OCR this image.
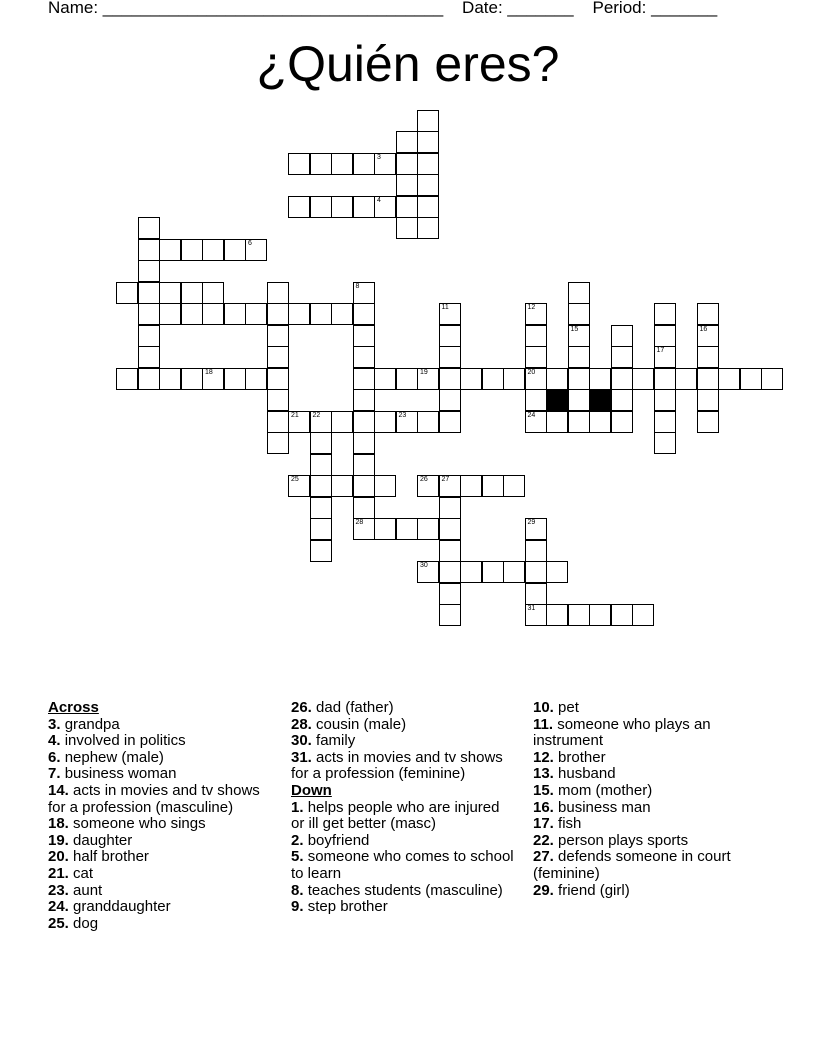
Name: ____________________________________    Date: _______    Period: _______
¿Quién eres?
3
4
6
8
18	19	20
11	12
24
15
17
16
21 22	23
25	26 27
28	29
31
30

Across

3. grandpa

4. involved in politics

6. nephew (male)

7. business woman

14. acts in movies and tv shows for a profession (masculine)

18. someone who sings

19. daughter

20. half brother

21. cat

23. aunt

24. granddaughter

25. dog

26. dad (father)

28. cousin (male)

30. family

31. acts in movies and tv shows for a profession (feminine)

Down

1. helps people who are injured or ill get better (masc)

2. boyfriend

5. someone who comes to school to learn

8. teaches students (masculine)

9. step brother

10. pet

11. someone who plays an instrument

12. brother

13. husband

15. mom (mother)

16. business man

17. fish

22. person plays sports

27. defends someone in court (feminine)

29. friend (girl)
